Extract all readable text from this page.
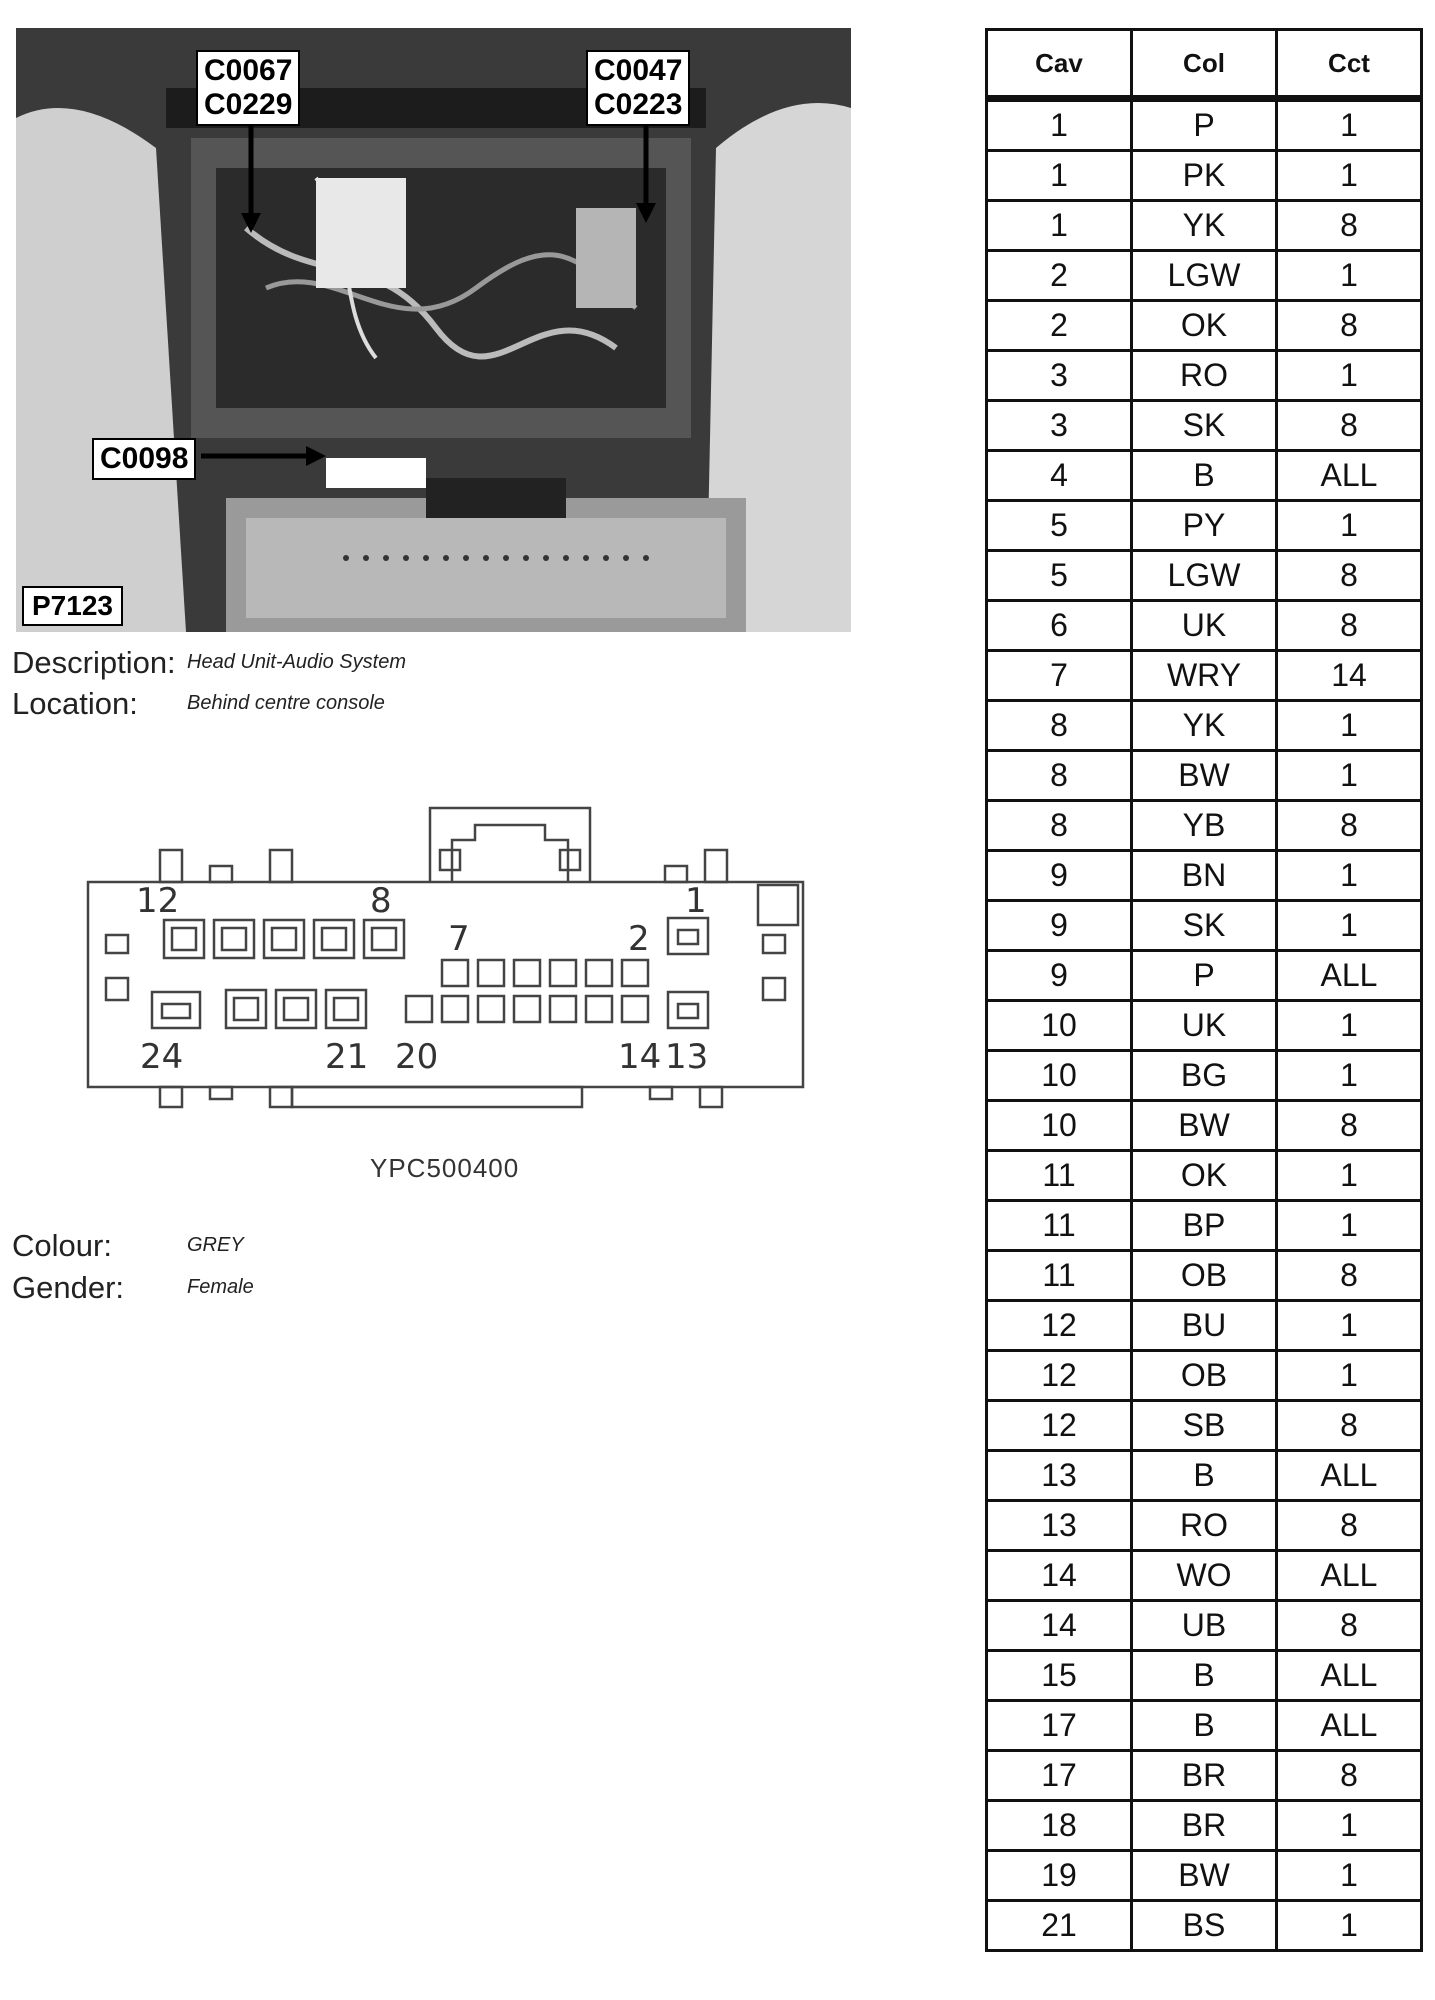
C0067
C0229
C0047
C0223
C0098
P7123
Description: Head Unit-Audio System
Location: Behind centre console
12	8	1
7	2
24	21 20	14 13
YPC500400
Colour:	GREY
Gender:	Female
Cav	Col	Cct
1	P	1
1	PK	1
1	YK	8
2	LGW	1
2	OK	8
3	RO	1
3	SK	8
4	B	ALL
5	PY	1
5	LGW	8
6	UK	8
7	WRY	14
8	YK	1
8	BW	1
8	YB	8
9	BN	1
9	SK	1
9	P	ALL
10	UK	1
10	BG	1
10	BW	8
11	OK	1
11	BP	1
11	OB	8
12	BU	1
12	OB	1
12	SB	8
13	B	ALL
13	RO	8
14	WO	ALL
14	UB	8
15	B	ALL
17	B	ALL
17	BR	8
18	BR	1
19	BW	1
21	BS	1
